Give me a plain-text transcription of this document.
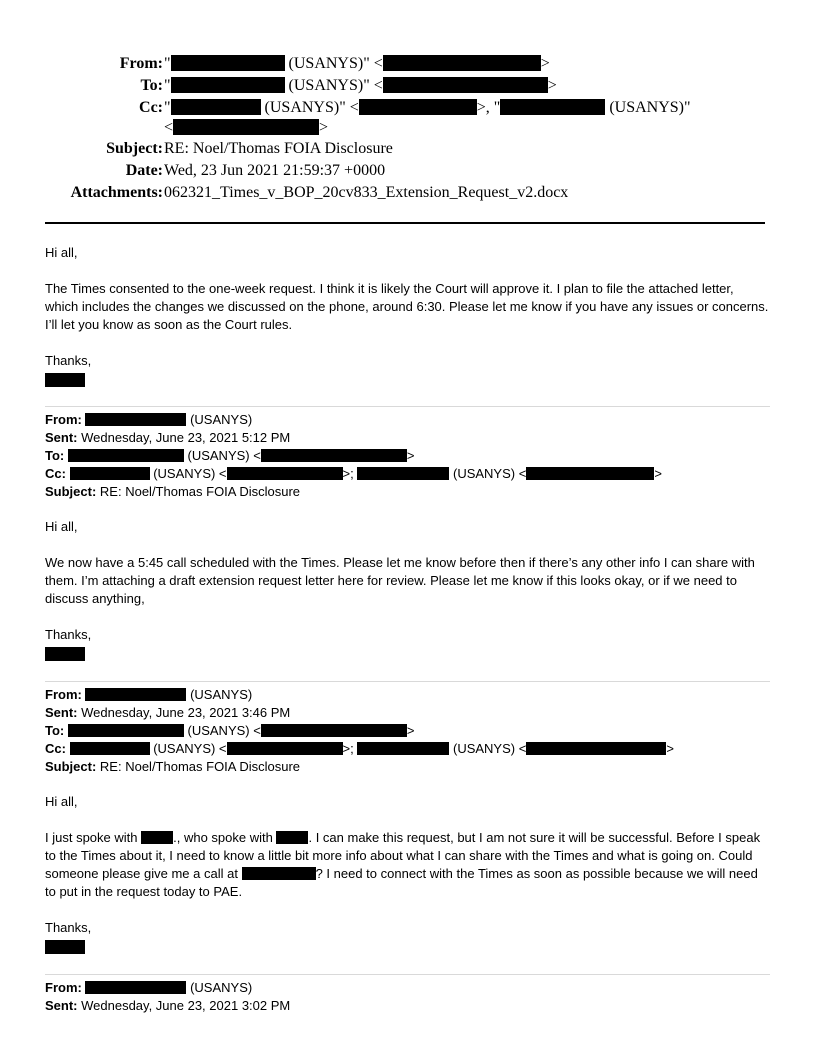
From: "	(USANYS)" <	>
To: "	(USANYS)" <	>
Cc: "	(USANYS)" <	>, "	(USANYS)"
<	>
Subject: RE: Noel/Thomas FOIA Disclosure
Date: Wed, 23 Jun 2021 21:59:37 +0000
Attachments: 062321_Times_v_BOP_20cv833_Extension_Request_v2.docx
Hi all,
The Times consented to the one-week request. I think it is likely the Court will approve it. I plan to file the attached letter, which includes the changes we discussed on the phone, around 6:30. Please let me know if you have any issues or concerns. I’ll let you know as soon as the Court rules.
Thanks,
From:	(USANYS)
Sent: Wednesday, June 23, 2021 5:12 PM
To:	(USANYS) <	>
Cc:	(USANYS) <	>;	(USANYS) <	>
Subject: RE: Noel/Thomas FOIA Disclosure
Hi all,
We now have a 5:45 call scheduled with the Times. Please let me know before then if there’s any other info I can share with them. I’m attaching a draft extension request letter here for review. Please let me know if this looks okay, or if we need to discuss anything,
Thanks,
From:	(USANYS)
Sent: Wednesday, June 23, 2021 3:46 PM
To:	(USANYS) <	>
Cc:	(USANYS) <	>;	(USANYS) <	>
Subject: RE: Noel/Thomas FOIA Disclosure
Hi all,
I just spoke with	., who spoke with	. I can make this request, but I am not sure it will be successful. Before I speak to the Times about it, I need to know a little bit more info about what I can share with the Times and what is going on. Could someone please give me a call at	? I need to connect with the Times as soon as possible because we will need to put in the request today to PAE.
Thanks,
From:	(USANYS)
Sent: Wednesday, June 23, 2021 3:02 PM
